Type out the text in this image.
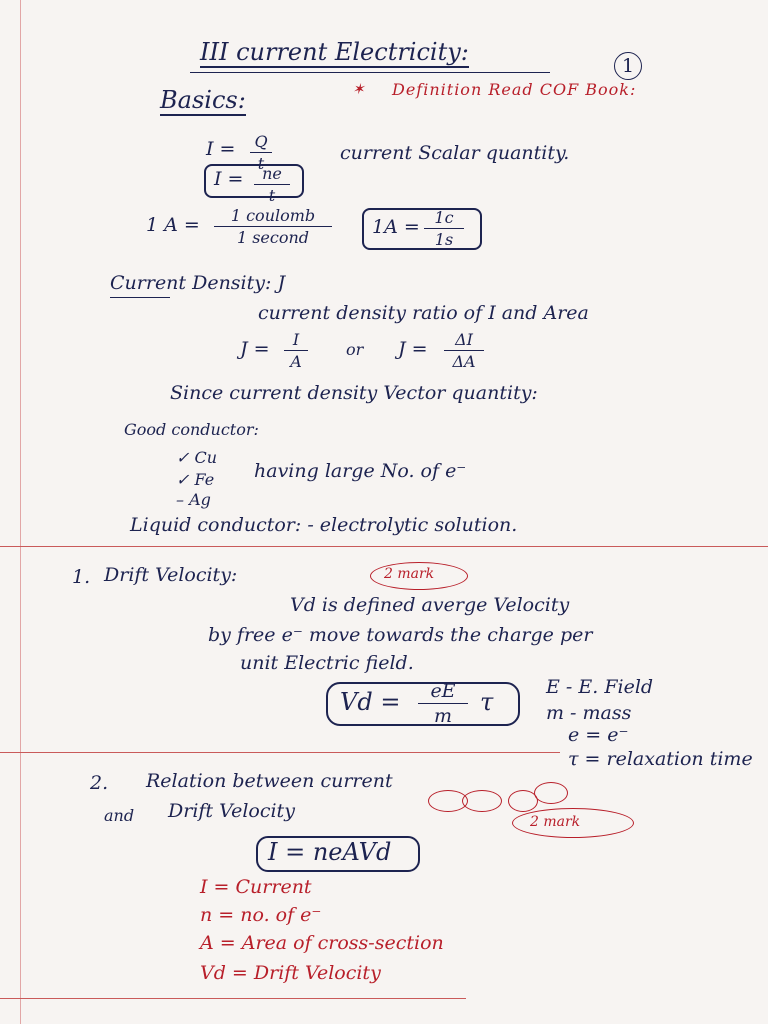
III current Electricity:	1
Basics:	✶ Definition Read COF Book:
I = Q
t
I =	ne
t
current Scalar quantity.
1 A =	1 coulomb
1 second	1A = 1c
1s
Current Density: J
current density ratio of I and Area
J =	I
A
or J =	ΔI
ΔA
Since current density Vector quantity:
Good conductor:
✓ Cu
✓ Fe
– Ag
having large No. of e⁻
Liquid conductor: - electrolytic solution.
1. Drift Velocity:	2 mark
Vd is defined averge Velocity
by free e⁻ move towards the charge per
unit Electric field.
Vd =	eE
m	τ
E - E. Field
m - mass
e = e⁻
τ = relaxation time
2. Relation between current
and Drift Velocity	2 mark
I = neAVd
I = Current
n = no. of e⁻
A = Area of cross-section
Vd = Drift Velocity
